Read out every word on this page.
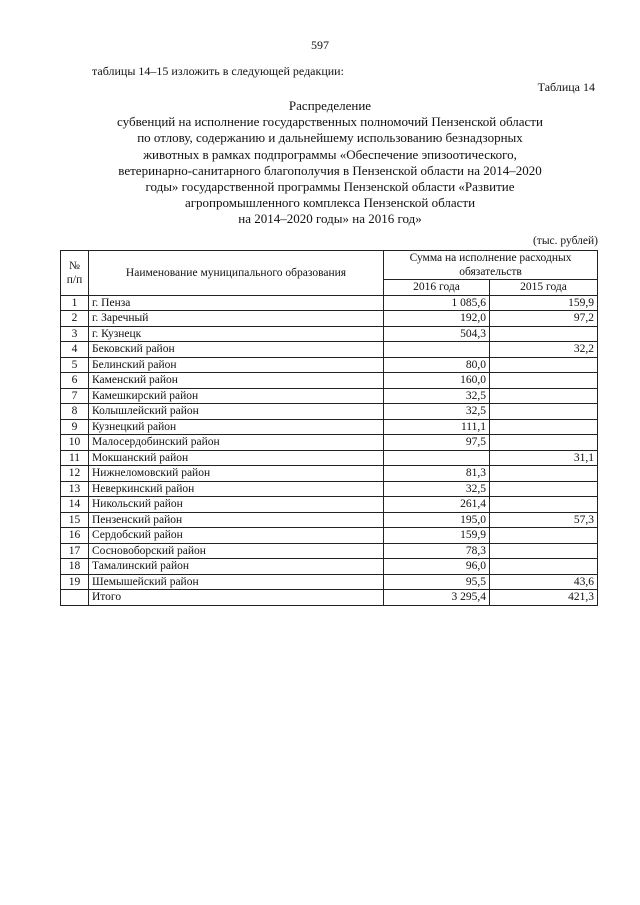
597
таблицы 14–15 изложить в следующей редакции:
Таблица 14
Распределение
субвенций на исполнение государственных полномочий Пензенской области
по отлову, содержанию и дальнейшему использованию безнадзорных
животных в рамках подпрограммы «Обеспечение эпизоотического,
ветеринарно-санитарного благополучия в Пензенской области на 2014–2020
годы» государственной программы Пензенской области «Развитие
агропромышленного комплекса Пензенской области
на 2014–2020 годы» на 2016 год»
(тыс. рублей)
№
п/п	Наименование муниципального образования	Сумма на исполнение расходных обязательств	
		2016 года	2015 года
1	г. Пенза	1 085,6	159,9
2	г. Заречный	192,0	97,2
3	г. Кузнецк	504,3	
4	Бековский район		32,2
5	Белинский район	80,0	
6	Каменский район	160,0	
7	Камешкирский район	32,5	
8	Колышлейский район	32,5	
9	Кузнецкий район	111,1	
10	Малосердобинский район	97,5	
11	Мокшанский район		31,1
12	Нижнеломовский район	81,3	
13	Неверкинский район	32,5	
14	Никольский район	261,4	
15	Пензенский район	195,0	57,3
16	Сердобский район	159,9	
17	Сосновоборский район	78,3	
18	Тамалинский район	96,0	
19	Шемышейский район	95,5	43,6
	Итого	3 295,4	421,3
